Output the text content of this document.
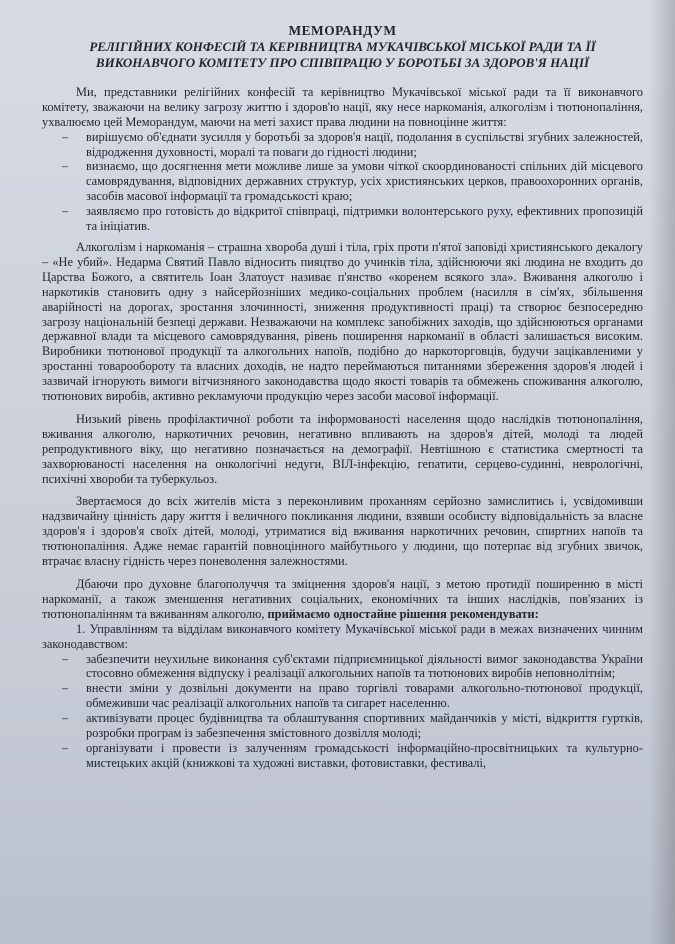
МЕМОРАНДУМ

РЕЛІГІЙНИХ КОНФЕСІЙ ТА КЕРІВНИЦТВА МУКАЧІВСЬКОЇ МІСЬКОЇ РАДИ ТА ЇЇ
ВИКОНАВЧОГО КОМІТЕТУ ПРО СПІВПРАЦЮ У БОРОТЬБІ ЗА ЗДОРОВ'Я НАЦІЇ

Ми, представники релігійних конфесій та керівництво Мукачівської міської ради та її виконавчого комітету, зважаючи на велику загрозу життю і здоров'ю нації, яку несе наркоманія, алкоголізм і тютюнопаління, ухвалюємо цей Меморандум, маючи на меті захист права людини на повноцінне життя:

– вирішуємо об'єднати зусилля у боротьбі за здоров'я нації, подолання в суспільстві згубних залежностей, відродження духовності, моралі та поваги до гідності людини;
– визнаємо, що досягнення мети можливе лише за умови чіткої скоординованості спільних дій місцевого самоврядування, відповідних державних структур, усіх християнських церков, правоохоронних органів, засобів масової інформації та громадськості краю;
– заявляємо про готовість до відкритої співпраці, підтримки волонтерського руху, ефективних пропозицій та ініціатив.

Алкоголізм і наркоманія – страшна хвороба душі і тіла, гріх проти п'ятої заповіді християнського декалогу – «Не убий». Недарма Святий Павло відносить пияцтво до учинків тіла, здійснюючи які людина не входить до Царства Божого, а святитель Іоан Златоуст називає п'янство «коренем всякого зла». Вживання алкоголю і наркотиків становить одну з найсерйозніших медико-соціальних проблем (насилля в сім'ях, збільшення аварійності на дорогах, зростання злочинності, зниження продуктивності праці) та створює безпосередню загрозу національній безпеці держави. Незважаючи на комплекс запобіжних заходів, що здійснюються органами державної влади та місцевого самоврядування, рівень поширення наркоманії в області залишається високим. Виробники тютюнової продукції та алкогольних напоїв, подібно до наркоторговців, будучи зацікавленими у зростанні товарообороту та власних доходів, не надто переймаються питаннями збереження здоров'я людей і зазвичай ігнорують вимоги вітчизняного законодавства щодо якості товарів та обмежень споживання алкоголю, тютюнових виробів, активно рекламуючи продукцію через засоби масової інформації.

Низький рівень профілактичної роботи та інформованості населення щодо наслідків тютюнопаління, вживання алкоголю, наркотичних речовин, негативно впливають на здоров'я дітей, молоді та людей репродуктивного віку, що негативно позначається на демографії. Невтішною є статистика смертності та захворюваності населення на онкологічні недуги, ВІЛ-інфекцію, гепатити, серцево-судинні, неврологічні, психічні хвороби та туберкульоз.

Звертаємося до всіх жителів міста з переконливим проханням серйозно замислитись і, усвідомивши надзвичайну цінність дару життя і величного покликання людини, взявши особисту відповідальність за власне здоров'я і здоров'я своїх дітей, молоді, утриматися від вживання наркотичних речовин, спиртних напоїв та тютюнопаління. Адже немає гарантій повноцінного майбутнього у людини, що потерпає від згубних звичок, втрачає власну гідність через поневолення залежностями.

Дбаючи про духовне благополуччя та зміцнення здоров'я нації, з метою протидії поширенню в місті наркоманії, а також зменшення негативних соціальних, економічних та інших наслідків, пов'язаних із тютюнопалінням та вживанням алкоголю, приймаємо одностайне рішення рекомендувати:

1. Управлінням та відділам виконавчого комітету Мукачівської міської ради в межах визначених чинним законодавством:

– забезпечити неухильне виконання суб'єктами підприємницької діяльності вимог законодавства України стосовно обмеження відпуску і реалізації алкогольних напоїв та тютюнових виробів неповнолітнім;
– внести зміни у дозвільні документи на право торгівлі товарами алкогольно-тютюнової продукції, обмеживши час реалізації алкогольних напоїв та сигарет населенню.
– активізувати процес будівництва та облаштування спортивних майданчиків у місті, відкриття гуртків, розробки програм із забезпечення змістовного дозвілля молоді;
– організувати і провести із залученням громадськості інформаційно-просвітницьких та культурно-мистецьких акцій (книжкові та художні виставки, фотовиставки, фестивалі,
